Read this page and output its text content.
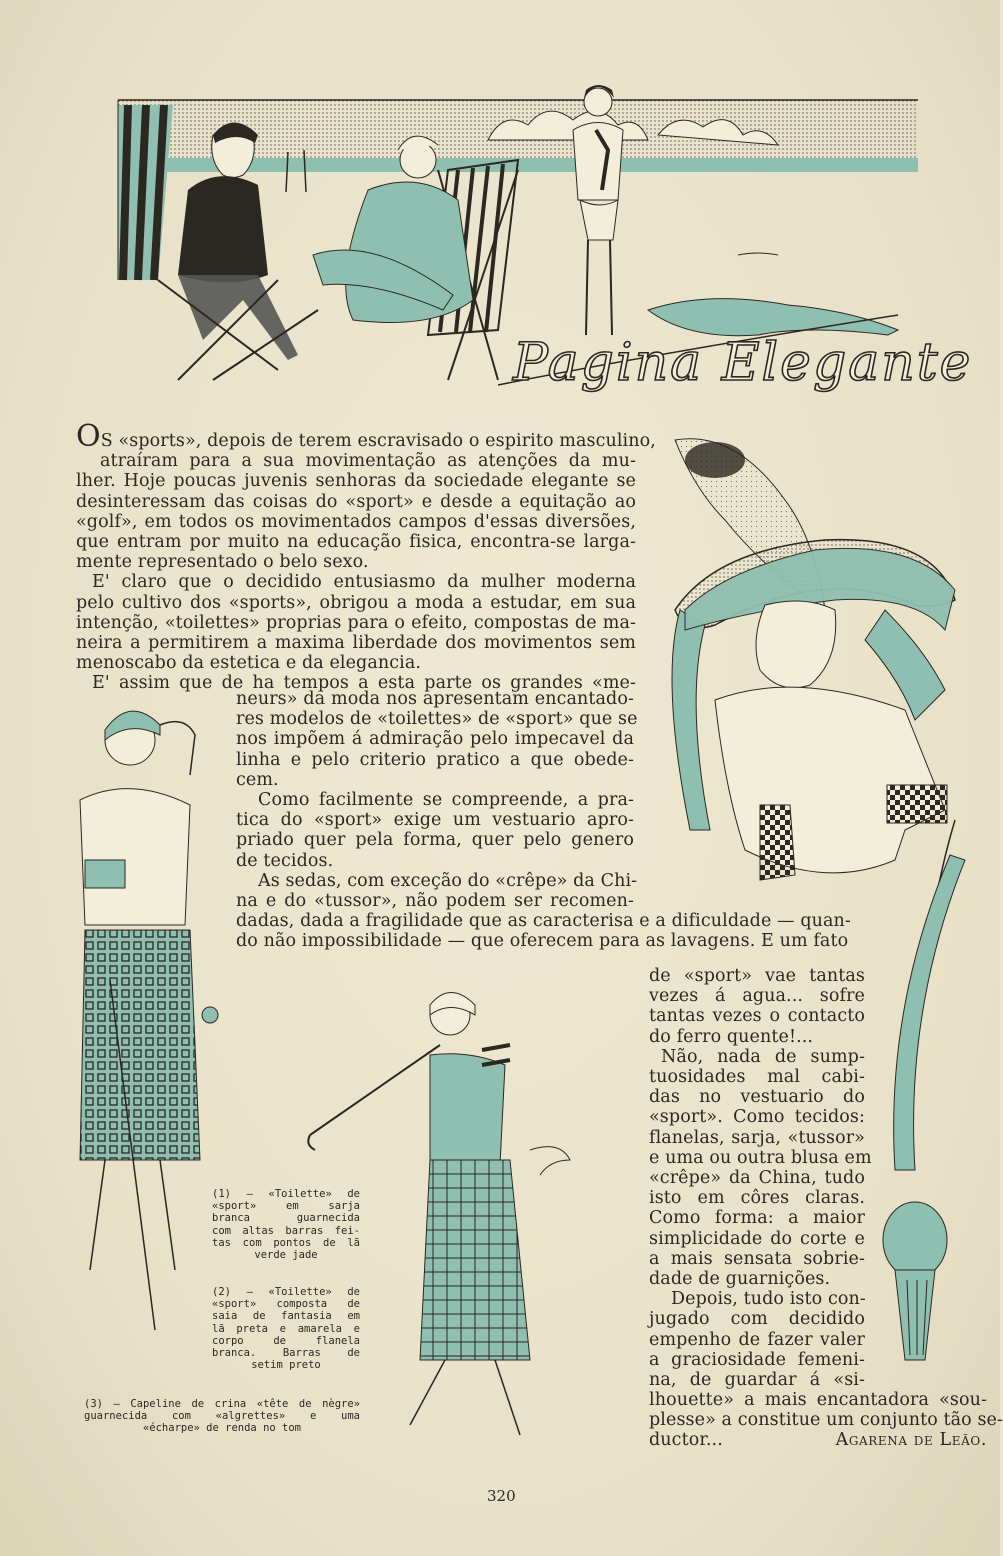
Pagina Elegante
OS «sports», depois de terem escravisado o espirito masculino,
atraíram para a sua movimentação as atenções da mu-
lher. Hoje poucas juvenis senhoras da sociedade elegante se
desinteressam das coisas do «sport» e desde a equitação ao
«golf», em todos os movimentados campos d'essas diversões,
que entram por muito na educação fisica, encontra-se larga-
mente representado o belo sexo.
E' claro que o decidido entusiasmo da mulher moderna
pelo cultivo dos «sports», obrigou a moda a estudar, em sua
intenção, «toilettes» proprias para o efeito, compostas de ma-
neira a permitirem a maxima liberdade dos movimentos sem
menoscabo da estetica e da elegancia.
E' assim que de ha tempos a esta parte os grandes «me-
neurs» da moda nos apresentam encantado-
res modelos de «toilettes» de «sport» que se
nos impõem á admiração pelo impecavel da
linha e pelo criterio pratico a que obede-
cem.
Como facilmente se compreende, a pra-
tica do «sport» exige um vestuario apro-
priado quer pela forma, quer pelo genero
de tecidos.
As sedas, com exceção do «crêpe» da Chi-
na e do «tussor», não podem ser recomen-
dadas, dada a fragilidade que as caracterisa e a dificuldade — quan-
do não impossibilidade — que oferecem para as lavagens. E um fato
de «sport» vae tantas
vezes á agua... sofre
tantas vezes o contacto
do ferro quente!...
Não, nada de sump-
tuosidades mal cabi-
das no vestuario do
«sport». Como tecidos:
flanelas, sarja, «tussor»
e uma ou outra blusa em
«crêpe» da China, tudo
isto em côres claras.
Como forma: a maior
simplicidade do corte e
a mais sensata sobrie-
dade de guarnições.
Depois, tudo isto con-
jugado com decidido
empenho de fazer valer
a graciosidade femeni-
na, de guardar á «si-
lhouette» a mais encantadora «sou-
plesse» a constitue um conjunto tão se-
ductor...	Agarena de Leão.
(1) — «Toilette» de
«sport» em sarja
branca guarnecida
com altas barras fei-
tas com pontos de lã
verde jade
(2) — «Toilette» de
«sport» composta de
saia de fantasia em
lã preta e amarela e
corpo de flanela
branca. Barras de
setim preto
(3) — Capeline de crina «tête de nègre»
guarnecida com «algrettes» e uma
«écharpe» de renda no tom
320
